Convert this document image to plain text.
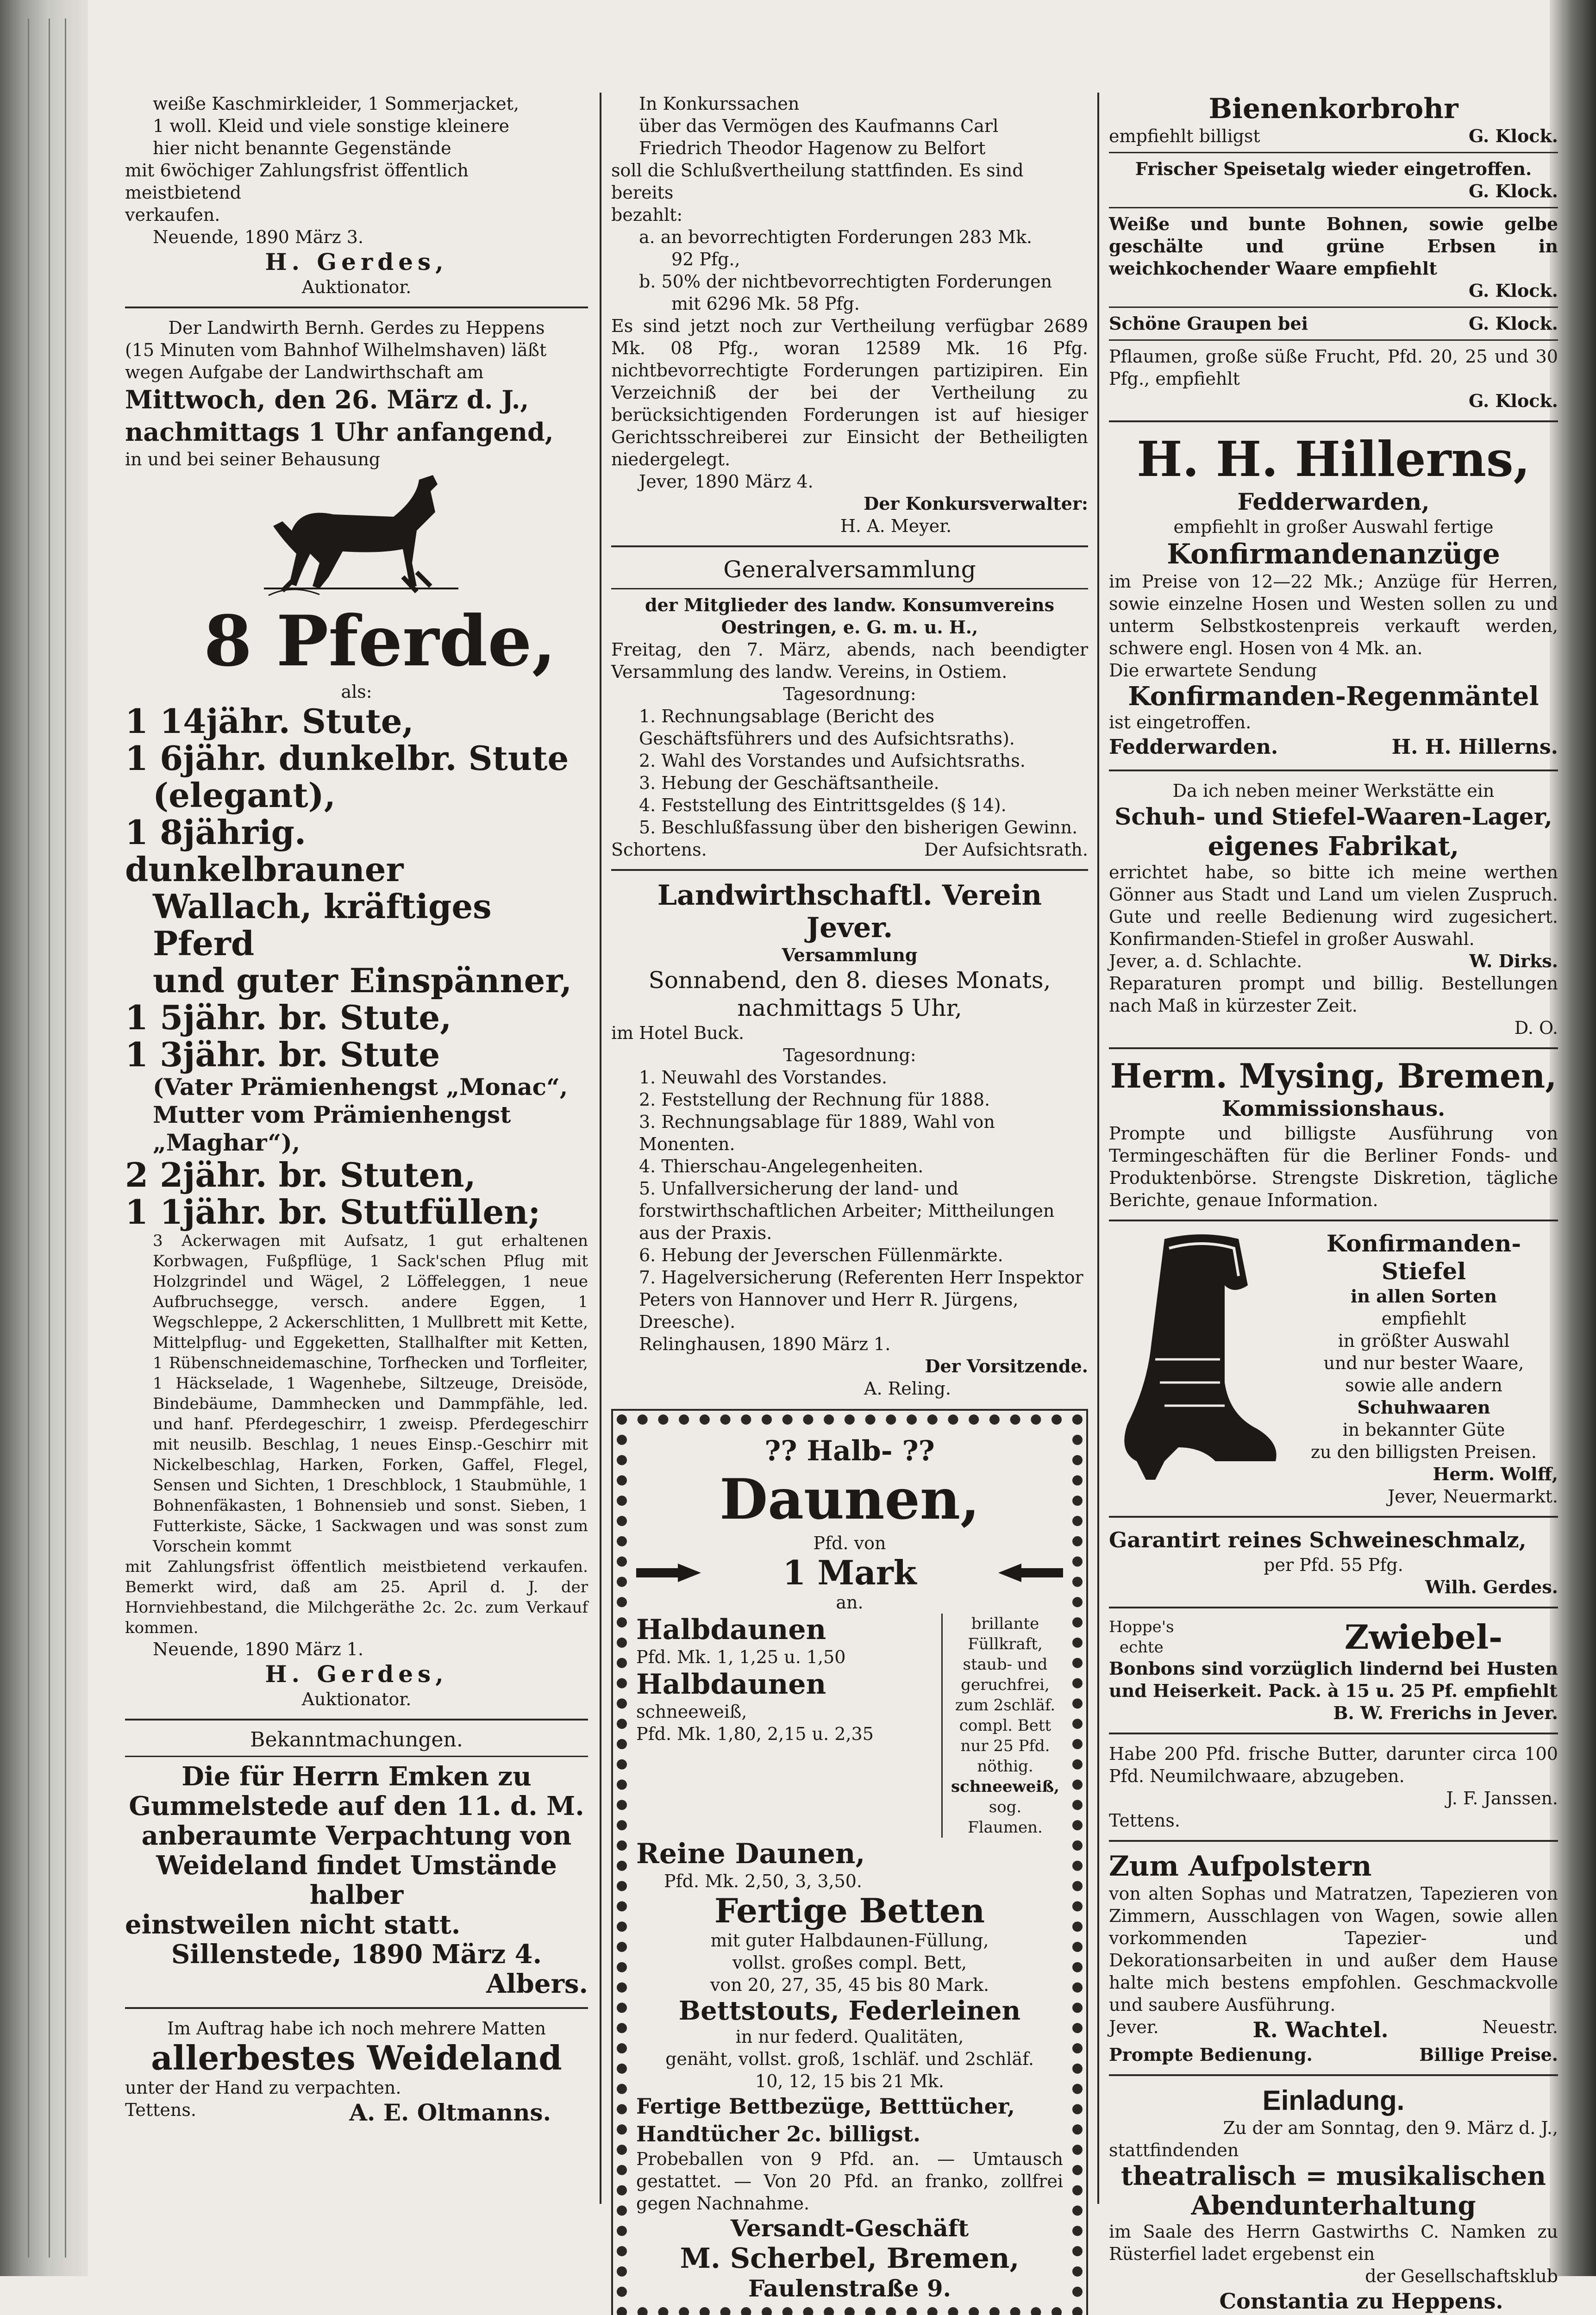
weiße Kaschmirkleider, 1 Sommerjacket,

1 woll. Kleid und viele sonstige kleinere

hier nicht benannte Gegenstände

mit 6wöchiger Zahlungsfrist öffentlich meistbietend

verkaufen.

Neuende, 1890 März 3.

H. Gerdes,

Auktionator.

Der Landwirth Bernh. Gerdes zu Heppens

(15 Minuten vom Bahnhof Wilhelmshaven) läßt

wegen Aufgabe der Landwirthschaft am

Mittwoch, den 26. März d. J.,

nachmittags 1 Uhr anfangend,

in und bei seiner Behausung

8 Pferde,

als:

1 14jähr. Stute,

1 6jähr. dunkelbr. Stute

(elegant),

1 8jährig. dunkelbrauner

Wallach, kräftiges Pferd

und guter Einspänner,

1 5jähr. br. Stute,

1 3jähr. br. Stute

(Vater Prämienhengst „Monac“,

Mutter vom Prämienhengst

„Maghar“),

2 2jähr. br. Stuten,

1 1jähr. br. Stutfüllen;

3 Ackerwagen mit Aufsatz, 1 gut erhaltenen Korbwagen, Fußpflüge, 1 Sack'schen Pflug mit Holzgrindel und Wägel, 2 Löffeleggen, 1 neue Aufbruchsegge, versch. andere Eggen, 1 Wegschleppe, 2 Ackerschlitten, 1 Mullbrett mit Kette, Mittelpflug- und Eggeketten, Stallhalfter mit Ketten, 1 Rübenschneidemaschine, Torfhecken und Torfleiter, 1 Häckselade, 1 Wagenhebe, Siltzeuge, Dreisöde, Bindebäume, Dammhecken und Dammpfähle, led. und hanf. Pferdegeschirr, 1 zweisp. Pferdegeschirr mit neusilb. Beschlag, 1 neues Einsp.-Geschirr mit Nickelbeschlag, Harken, Forken, Gaffel, Flegel, Sensen und Sichten, 1 Dreschblock, 1 Staubmühle, 1 Bohnenfäkasten, 1 Bohnensieb und sonst. Sieben, 1 Futterkiste, Säcke, 1 Sackwagen und was sonst zum Vorschein kommt

mit Zahlungsfrist öffentlich meistbietend verkaufen. Bemerkt wird, daß am 25. April d. J. der Hornviehbestand, die Milchgeräthe 2c. 2c. zum Verkauf kommen.

Neuende, 1890 März 1.

H. Gerdes,

Auktionator.

Bekanntmachungen.

Die für Herrn Emken zu

Gummelstede auf den 11. d. M.

anberaumte Verpachtung von

Weideland findet Umstände halber

einstweilen nicht statt.

Sillenstede, 1890 März 4.

Albers.

Im Auftrag habe ich noch mehrere Matten

allerbestes Weideland

unter der Hand zu verpachten.

Tettens.	A. E. Oltmanns.

In Konkurssachen

über das Vermögen des Kaufmanns Carl

Friedrich Theodor Hagenow zu Belfort

soll die Schlußvertheilung stattfinden. Es sind bereits

bezahlt:

a. an bevorrechtigten Forderungen 283 Mk.

92 Pfg.,

b. 50% der nichtbevorrechtigten Forderungen

mit 6296 Mk. 58 Pfg.

Es sind jetzt noch zur Vertheilung verfügbar 2689 Mk. 08 Pfg., woran 12589 Mk. 16 Pfg. nichtbevorrechtigte Forderungen partizipiren. Ein Verzeichniß der bei der Vertheilung zu berücksichtigenden Forderungen ist auf hiesiger Gerichtsschreiberei zur Einsicht der Betheiligten niedergelegt.

Jever, 1890 März 4.

Der Konkursverwalter:

H. A. Meyer.

Generalversammlung

der Mitglieder des landw. Konsumvereins

Oestringen, e. G. m. u. H.,

Freitag, den 7. März, abends, nach beendigter Versammlung des landw. Vereins, in Ostiem.

Tagesordnung:

1. Rechnungsablage (Bericht des Geschäftsführers und des Aufsichtsraths).

2. Wahl des Vorstandes und Aufsichtsraths.

3. Hebung der Geschäftsantheile.

4. Feststellung des Eintrittsgeldes (§ 14).

5. Beschlußfassung über den bisherigen Gewinn.

Schortens.	Der Aufsichtsrath.

Landwirthschaftl. Verein Jever.

Versammlung

Sonnabend, den 8. dieses Monats,

nachmittags 5 Uhr,

im Hotel Buck.

Tagesordnung:

1. Neuwahl des Vorstandes.

2. Feststellung der Rechnung für 1888.

3. Rechnungsablage für 1889, Wahl von Monenten.

4. Thierschau-Angelegenheiten.

5. Unfallversicherung der land- und forstwirthschaftlichen Arbeiter; Mittheilungen aus der Praxis.

6. Hebung der Jeverschen Füllenmärkte.

7. Hagelversicherung (Referenten Herr Inspektor Peters von Hannover und Herr R. Jürgens, Dreesche).

Relinghausen, 1890 März 1.

Der Vorsitzende.

A. Reling.

?? Halb- ??

Daunen,

Pfd. von

1 Mark

an.

Halbdaunen

Pfd. Mk. 1, 1,25 u. 1,50

Halbdaunen

schneeweiß,

Pfd. Mk. 1,80, 2,15 u. 2,35

brillante

Füllkraft,

staub- und geruchfrei,

zum 2schläf.

compl. Bett

nur 25 Pfd. nöthig.

schneeweiß,

sog.

Flaumen.

Reine Daunen,

Pfd. Mk. 2,50, 3, 3,50.

Fertige Betten

mit guter Halbdaunen-Füllung,

vollst. großes compl. Bett,

von 20, 27, 35, 45 bis 80 Mark.

Bettstouts, Federleinen

in nur federd. Qualitäten,

genäht, vollst. groß, 1schläf. und 2schläf.

10, 12, 15 bis 21 Mk.

Fertige Bettbezüge, Betttücher,

Handtücher 2c. billigst.

Probeballen von 9 Pfd. an. — Umtausch gestattet. — Von 20 Pfd. an franko, zollfrei gegen Nachnahme.

Versandt-Geschäft

M. Scherbel, Bremen,

Faulenstraße 9.

Bienenkorbrohr

empfiehlt billigst	G. Klock.

Frischer Speisetalg wieder eingetroffen.

G. Klock.

Weiße und bunte Bohnen, sowie gelbe geschälte und grüne Erbsen in weichkochender Waare empfiehlt

G. Klock.

Schöne Graupen bei	G. Klock.

Pflaumen, große süße Frucht, Pfd. 20, 25 und 30 Pfg., empfiehlt

G. Klock.

H. H. Hillerns,

Fedderwarden,

empfiehlt in großer Auswahl fertige

Konfirmandenanzüge

im Preise von 12—22 Mk.; Anzüge für Herren, sowie einzelne Hosen und Westen sollen zu und unterm Selbstkostenpreis verkauft werden, schwere engl. Hosen von 4 Mk. an.

Die erwartete Sendung

Konfirmanden-Regenmäntel

ist eingetroffen.

Fedderwarden.	H. H. Hillerns.

Da ich neben meiner Werkstätte ein

Schuh- und Stiefel-Waaren-Lager,

eigenes Fabrikat,

errichtet habe, so bitte ich meine werthen Gönner aus Stadt und Land um vielen Zuspruch. Gute und reelle Bedienung wird zugesichert. Konfirmanden-Stiefel in großer Auswahl.

Jever, a. d. Schlachte.	W. Dirks.

Reparaturen prompt und billig. Bestellungen nach Maß in kürzester Zeit.

D. O.

Herm. Mysing, Bremen,

Kommissionshaus.

Prompte und billigste Ausführung von Termingeschäften für die Berliner Fonds- und Produktenbörse. Strengste Diskretion, tägliche Berichte, genaue Information.

Konfirmanden-Stiefel

in allen Sorten

empfiehlt

in größter Auswahl

und nur bester Waare,

sowie alle andern

Schuhwaaren

in bekannter Güte

zu den billigsten Preisen.

Herm. Wolff,

Jever, Neuermarkt.

Garantirt reines Schweineschmalz,

per Pfd. 55 Pfg.

Wilh. Gerdes.

Hoppe's

echte	Zwiebel-

Bonbons sind vorzüglich lindernd bei Husten und Heiserkeit. Pack. à 15 u. 25 Pf. empfiehlt

B. W. Frerichs in Jever.

Habe 200 Pfd. frische Butter, darunter circa 100 Pfd. Neumilchwaare, abzugeben.

J. F. Janssen.

Tettens.

Zum Aufpolstern

von alten Sophas und Matratzen, Tapezieren von Zimmern, Ausschlagen von Wagen, sowie allen vorkommenden Tapezier- und Dekorationsarbeiten in und außer dem Hause halte mich bestens empfohlen. Geschmackvolle und saubere Ausführung.

Jever.	R. Wachtel.	Neuestr.

Prompte Bedienung.	Billige Preise.

Einladung.

Zu der am Sonntag, den 9. März d. J.,

stattfindenden

theatralisch = musikalischen

Abendunterhaltung

im Saale des Herrn Gastwirths C. Namken zu Rüsterfiel ladet ergebenst ein

der Gesellschaftsklub

Constantia zu Heppens.
